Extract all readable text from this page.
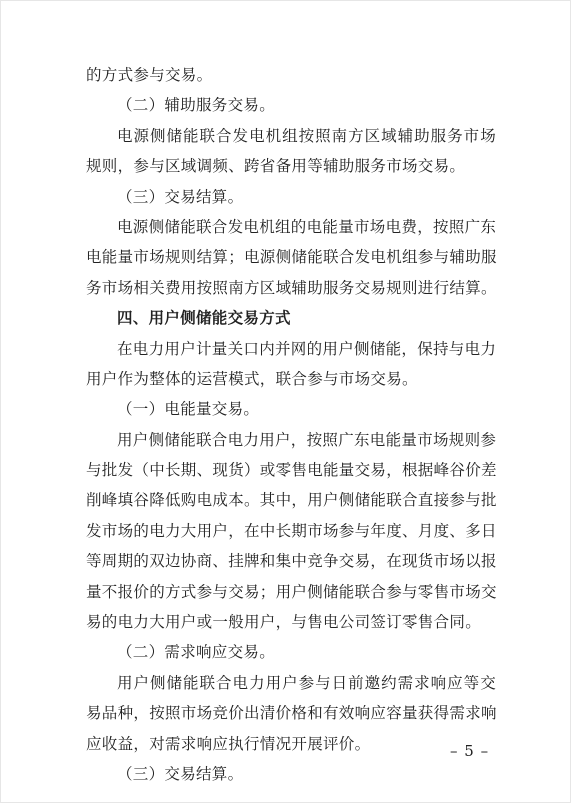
的方式参与交易。
（二）辅助服务交易。
电源侧储能联合发电机组按照南方区域辅助服务市场
规则，参与区域调频、跨省备用等辅助服务市场交易。
（三）交易结算。
电源侧储能联合发电机组的电能量市场电费，按照广东
电能量市场规则结算；电源侧储能联合发电机组参与辅助服
务市场相关费用按照南方区域辅助服务交易规则进行结算。
四、用户侧储能交易方式
在电力用户计量关口内并网的用户侧储能，保持与电力
用户作为整体的运营模式，联合参与市场交易。
（一）电能量交易。
用户侧储能联合电力用户，按照广东电能量市场规则参
与批发（中长期、现货）或零售电能量交易，根据峰谷价差
削峰填谷降低购电成本。其中，用户侧储能联合直接参与批
发市场的电力大用户，在中长期市场参与年度、月度、多日
等周期的双边协商、挂牌和集中竞争交易，在现货市场以报
量不报价的方式参与交易；用户侧储能联合参与零售市场交
易的电力大用户或一般用户，与售电公司签订零售合同。
（二）需求响应交易。
用户侧储能联合电力用户参与日前邀约需求响应等交
易品种，按照市场竞价出清价格和有效响应容量获得需求响
应收益，对需求响应执行情况开展评价。
（三）交易结算。
– 5 –
